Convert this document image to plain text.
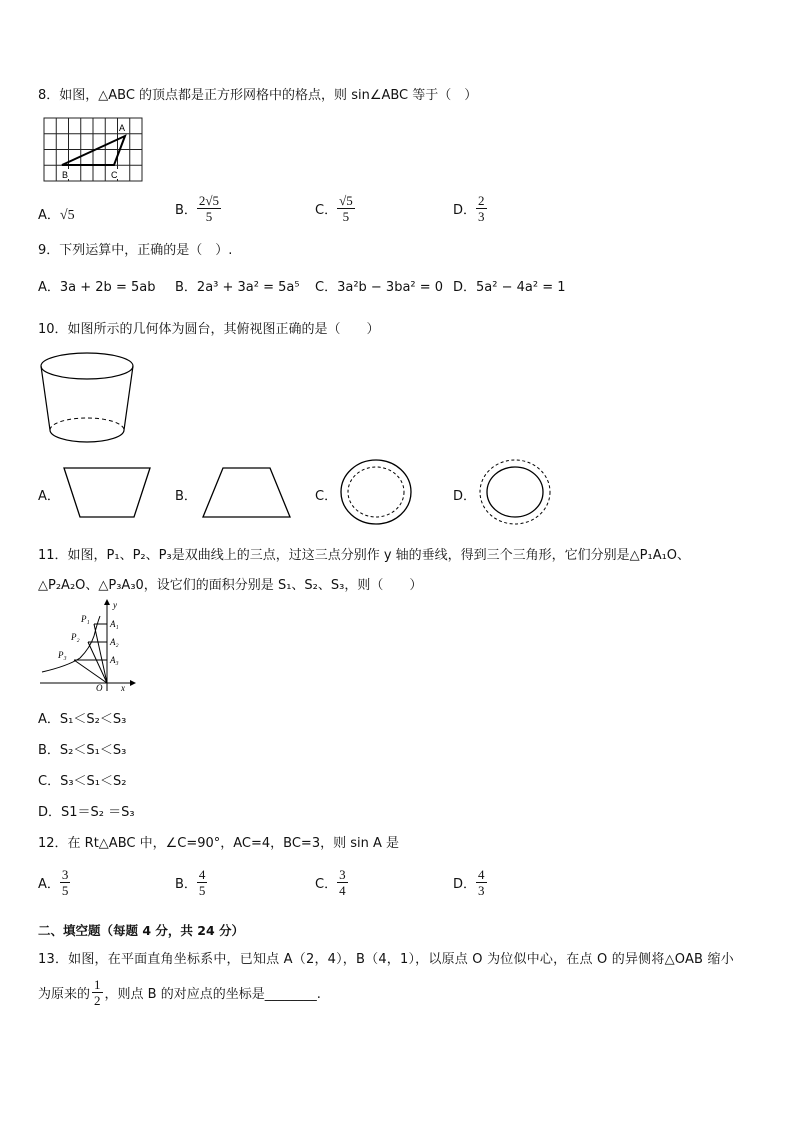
8．如图，△ABC 的顶点都是正方形网格中的格点，则 sin∠ABC 等于（　）
A
B	C
A．√5	B． $\frac{2√5}{5}$	C． $\frac{√5}{5}$	D． $\frac{2}{3}$
9．下列运算中，正确的是（　）.
A．3a + 2b = 5ab B．2a³ + 3a² = 5a⁵ C．3a²b − 3ba² = 0 D．5a² − 4a² = 1
10．如图所示的几何体为圆台，其俯视图正确的是（　　）
A．	B．	C．	D．
11．如图，P₁、P₂、P₃是双曲线上的三点，过这三点分别作 y 轴的垂线，得到三个三角形，它们分别是△P₁A₁O、
△P₂A₂O、△P₃A₃0，设它们的面积分别是 S₁、S₂、S₃，则（　　）
y
x
O
P₁
P₂
P₃
A₁
A₂
A₃
A．S₁＜S₂＜S₃
B．S₂＜S₁＜S₃
C．S₃＜S₁＜S₂
D．S1＝S₂ ＝S₃
12．在 Rt△ABC 中，∠C=90°，AC=4，BC=3，则 sin A 是
A． $\frac{3}{5}$	B． $\frac{4}{5}$	C． $\frac{3}{4}$	D． $\frac{4}{3}$
二、填空题（每题 4 分，共 24 分）
13．如图，在平面直角坐标系中，已知点 A（2，4），B（4，1），以原点 O 为位似中心，在点 O 的异侧将△OAB 缩小
为原来的 $\frac{1}{2}$ ，则点 B 的对应点的坐标是________.
